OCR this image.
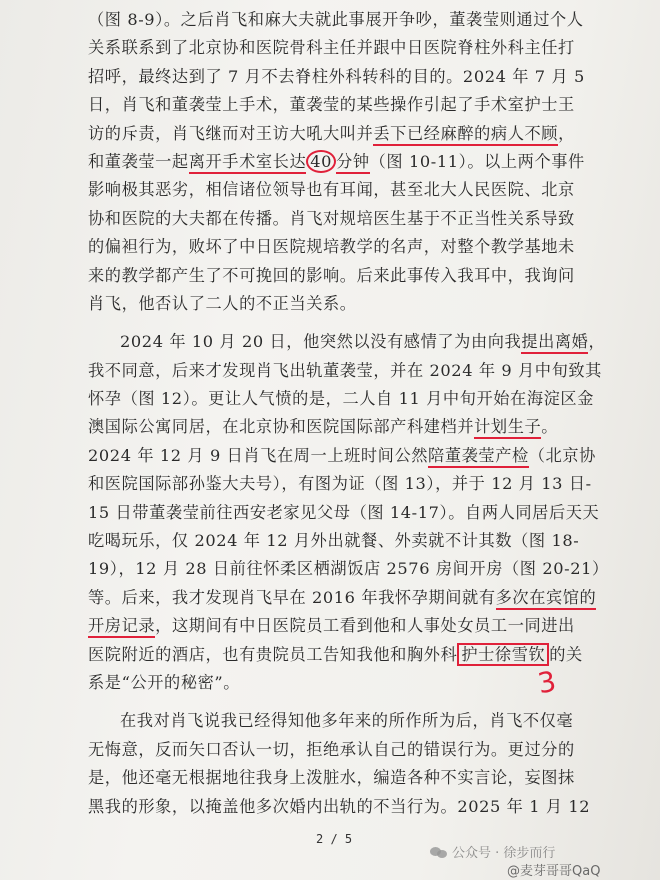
（图 8-9）。之后肖飞和麻大夫就此事展开争吵，董袭莹则通过个人
关系联系到了北京协和医院骨科主任并跟中日医院脊柱外科主任打
招呼，最终达到了 7 月不去脊柱外科转科的目的。2024 年 7 月 5
日，肖飞和董袭莹上手术，董袭莹的某些操作引起了手术室护士王
访的斥责，肖飞继而对王访大吼大叫并丢下已经麻醉的病人不顾，
和董袭莹一起离开手术室长达 40 分钟（图 10-11）。以上两个事件
影响极其恶劣，相信诸位领导也有耳闻，甚至北大人民医院、北京
协和医院的大夫都在传播。肖飞对规培医生基于不正当性关系导致
的偏袒行为，败坏了中日医院规培教学的名声，对整个教学基地未
来的教学都产生了不可挽回的影响。后来此事传入我耳中，我询问
肖飞，他否认了二人的不正当关系。
2024 年 10 月 20 日，他突然以没有感情了为由向我提出离婚，
我不同意，后来才发现肖飞出轨董袭莹，并在 2024 年 9 月中旬致其
怀孕（图 12）。更让人气愤的是，二人自 11 月中旬开始在海淀区金
澳国际公寓同居，在北京协和医院国际部产科建档并计划生子。
2024 年 12 月 9 日肖飞在周一上班时间公然陪董袭莹产检（北京协
和医院国际部孙鉴大夫号），有图为证（图 13），并于 12 月 13 日-
15 日带董袭莹前往西安老家见父母（图 14-17）。自两人同居后天天
吃喝玩乐，仅 2024 年 12 月外出就餐、外卖就不计其数（图 18-
19），12 月 28 日前往怀柔区栖湖饭店 2576 房间开房（图 20-21）
等。后来，我才发现肖飞早在 2016 年我怀孕期间就有多次在宾馆的
开房记录，这期间有中日医院员工看到他和人事处女员工一同进出
医院附近的酒店，也有贵院员工告知我他和胸外科 护士徐雪钦 的关
系是“公开的秘密”。
在我对肖飞说我已经得知他多年来的所作所为后，肖飞不仅毫
无悔意，反而矢口否认一切，拒绝承认自己的错误行为。更过分的
是，他还毫无根据地往我身上泼脏水，编造各种不实言论，妄图抹
黑我的形象，以掩盖他多次婚内出轨的不当行为。2025 年 1 月 12
3
2 / 5
公众号 · 徐步而行
@麦芽哥哥QaQ
